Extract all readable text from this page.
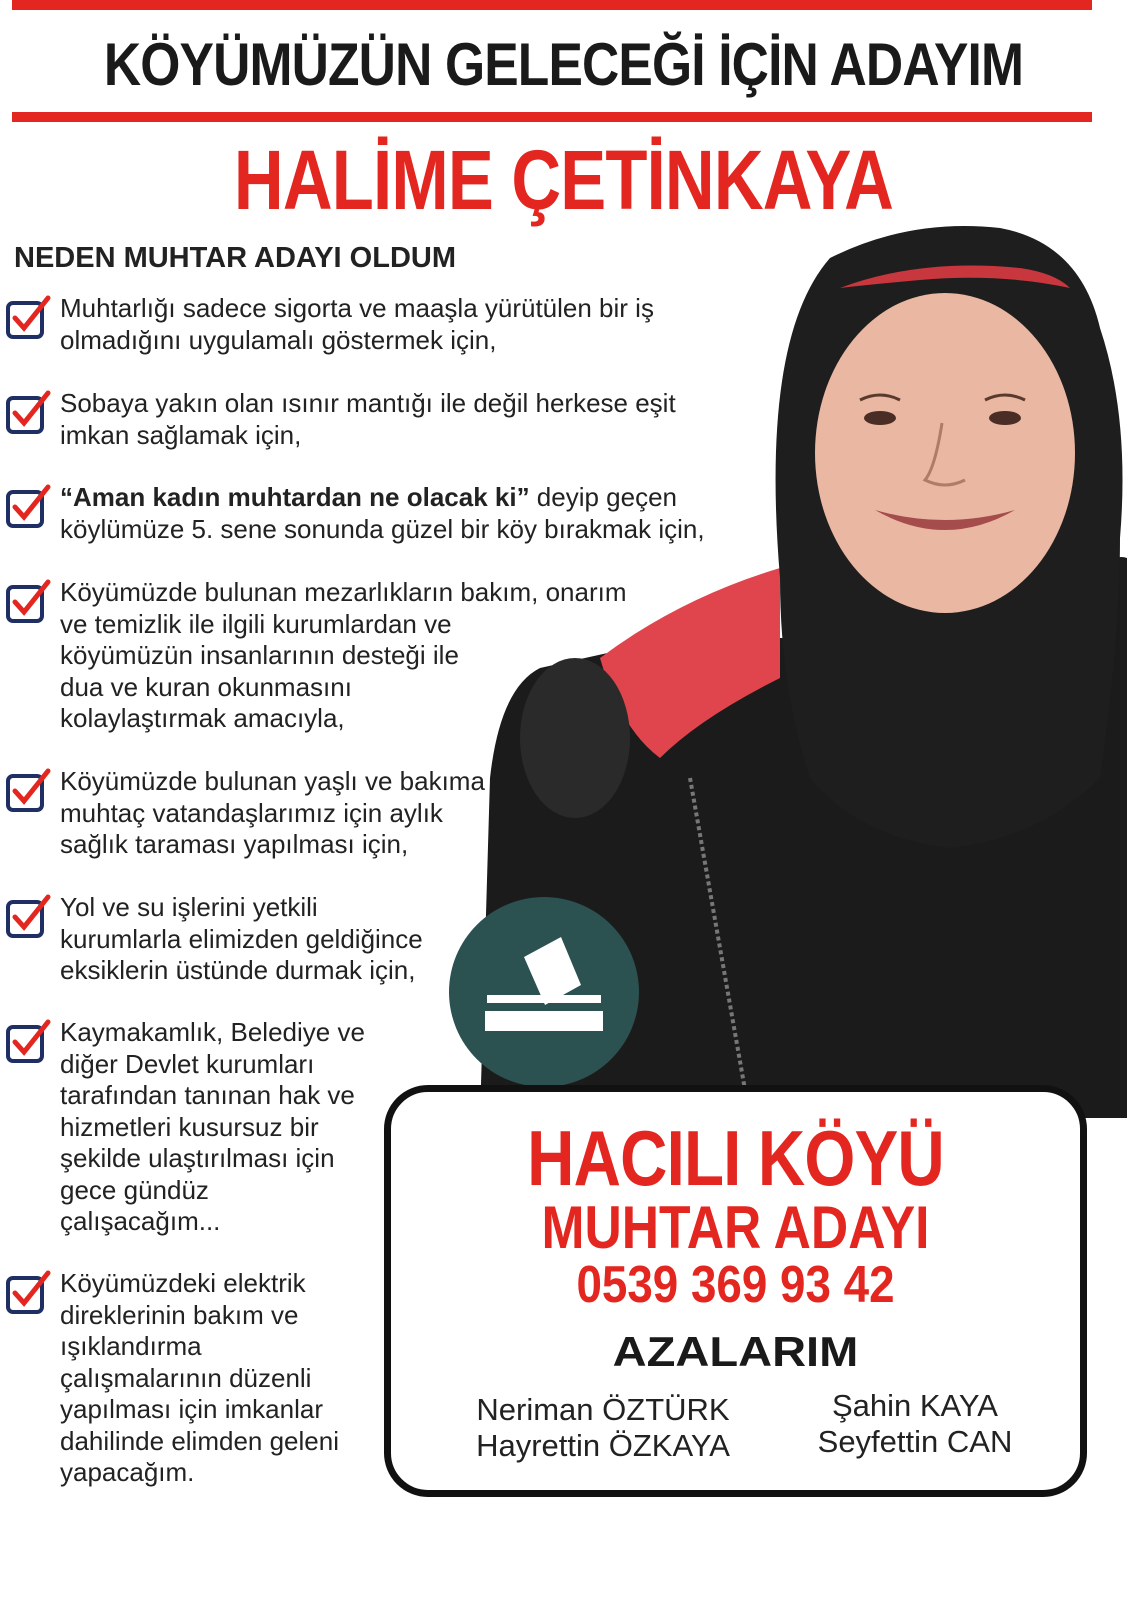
KÖYÜMÜZÜN GELECEĞİ İÇİN ADAYIM
HALİME ÇETİNKAYA
NEDEN MUHTAR ADAYI OLDUM
Muhtarlığı sadece sigorta ve maaşla yürütülen bir iş
olmadığını uygulamalı göstermek için,
Sobaya yakın olan ısınır mantığı ile değil herkese eşit
imkan sağlamak için,
“Aman kadın muhtardan ne olacak ki” deyip geçen
köylümüze 5. sene sonunda güzel bir köy bırakmak için,
Köyümüzde bulunan mezarlıkların bakım, onarım
ve temizlik ile ilgili kurumlardan ve
köyümüzün insanlarının desteği ile
dua ve kuran okunmasını
kolaylaştırmak amacıyla,
Köyümüzde bulunan yaşlı ve bakıma
muhtaç vatandaşlarımız için aylık
sağlık taraması yapılması için,
Yol ve su işlerini yetkili
kurumlarla elimizden geldiğince
eksiklerin üstünde durmak için,
Kaymakamlık, Belediye ve
diğer Devlet kurumları
tarafından tanınan hak ve
hizmetleri kusursuz bir
şekilde ulaştırılması için
gece gündüz
çalışacağım...
Köyümüzdeki elektrik
direklerinin bakım ve
ışıklandırma
çalışmalarının düzenli
yapılması için imkanlar
dahilinde elimden geleni
yapacağım.
HACILI KÖYÜ
MUHTAR ADAYI
0539 369 93 42
AZALARIM
Neriman ÖZTÜRK
Hayrettin ÖZKAYA
Şahin KAYA
Seyfettin CAN
